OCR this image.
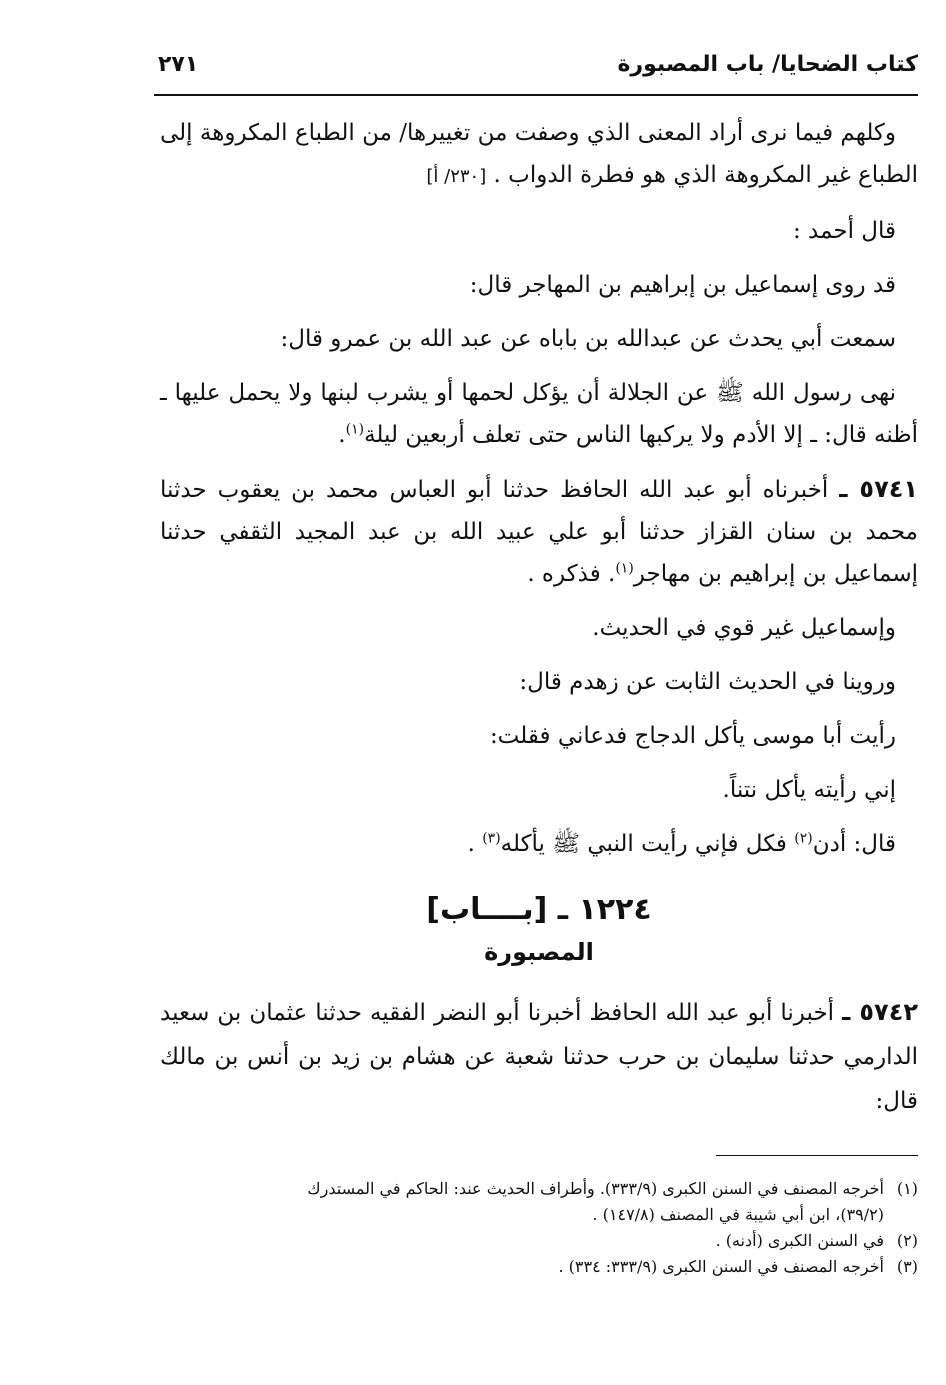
كتاب الضحايا/ باب المصبورة
٢٧١

وكلهم فيما نرى أراد المعنى الذي وصفت من تغييرها/ من الطباع المكروهة إلى الطباع غير المكروهة الذي هو فطرة الدواب . [٢٣٠/ أ]

قال أحمد :

قد روى إسماعيل بن إبراهيم بن المهاجر قال:

سمعت أبي يحدث عن عبدالله بن باباه عن عبد الله بن عمرو قال:

نهى رسول الله ﷺ عن الجلالة أن يؤكل لحمها أو يشرب لبنها ولا يحمل عليها ـ أظنه قال: ـ إلا الأدم ولا يركبها الناس حتى تعلف أربعين ليلة$^{(١)}$.

٥٧٤١ ـ أخبرناه أبو عبد الله الحافظ حدثنا أبو العباس محمد بن يعقوب حدثنا محمد بن سنان القزاز حدثنا أبو علي عبيد الله بن عبد المجيد الثقفي حدثنا إسماعيل بن إبراهيم بن مهاجر$^{(١)}$. فذكره .

وإسماعيل غير قوي في الحديث.

وروينا في الحديث الثابت عن زهدم قال:

رأيت أبا موسى يأكل الدجاج فدعاني فقلت:

إني رأيته يأكل نتناً.

قال: أدن$^{(٢)}$ فكل فإني رأيت النبي ﷺ يأكله$^{(٣)}$ .

١٢٢٤ ـ [بــــاب]
المصبورة

٥٧٤٢ ـ أخبرنا أبو عبد الله الحافظ أخبرنا أبو النضر الفقيه حدثنا عثمان بن سعيد الدارمي حدثنا سليمان بن حرب حدثنا شعبة عن هشام بن زيد بن أنس بن مالك قال:

(١)أخرجه المصنف في السنن الكبرى (٣٣٣/٩). وأطراف الحديث عند: الحاكم في المستدرك

(٣٩/٢)، ابن أبي شيبة في المصنف (١٤٧/٨) .

(٢)في السنن الكبرى (أدنه) .

(٣)أخرجه المصنف في السنن الكبرى (٣٣٣/٩: ٣٣٤) .
